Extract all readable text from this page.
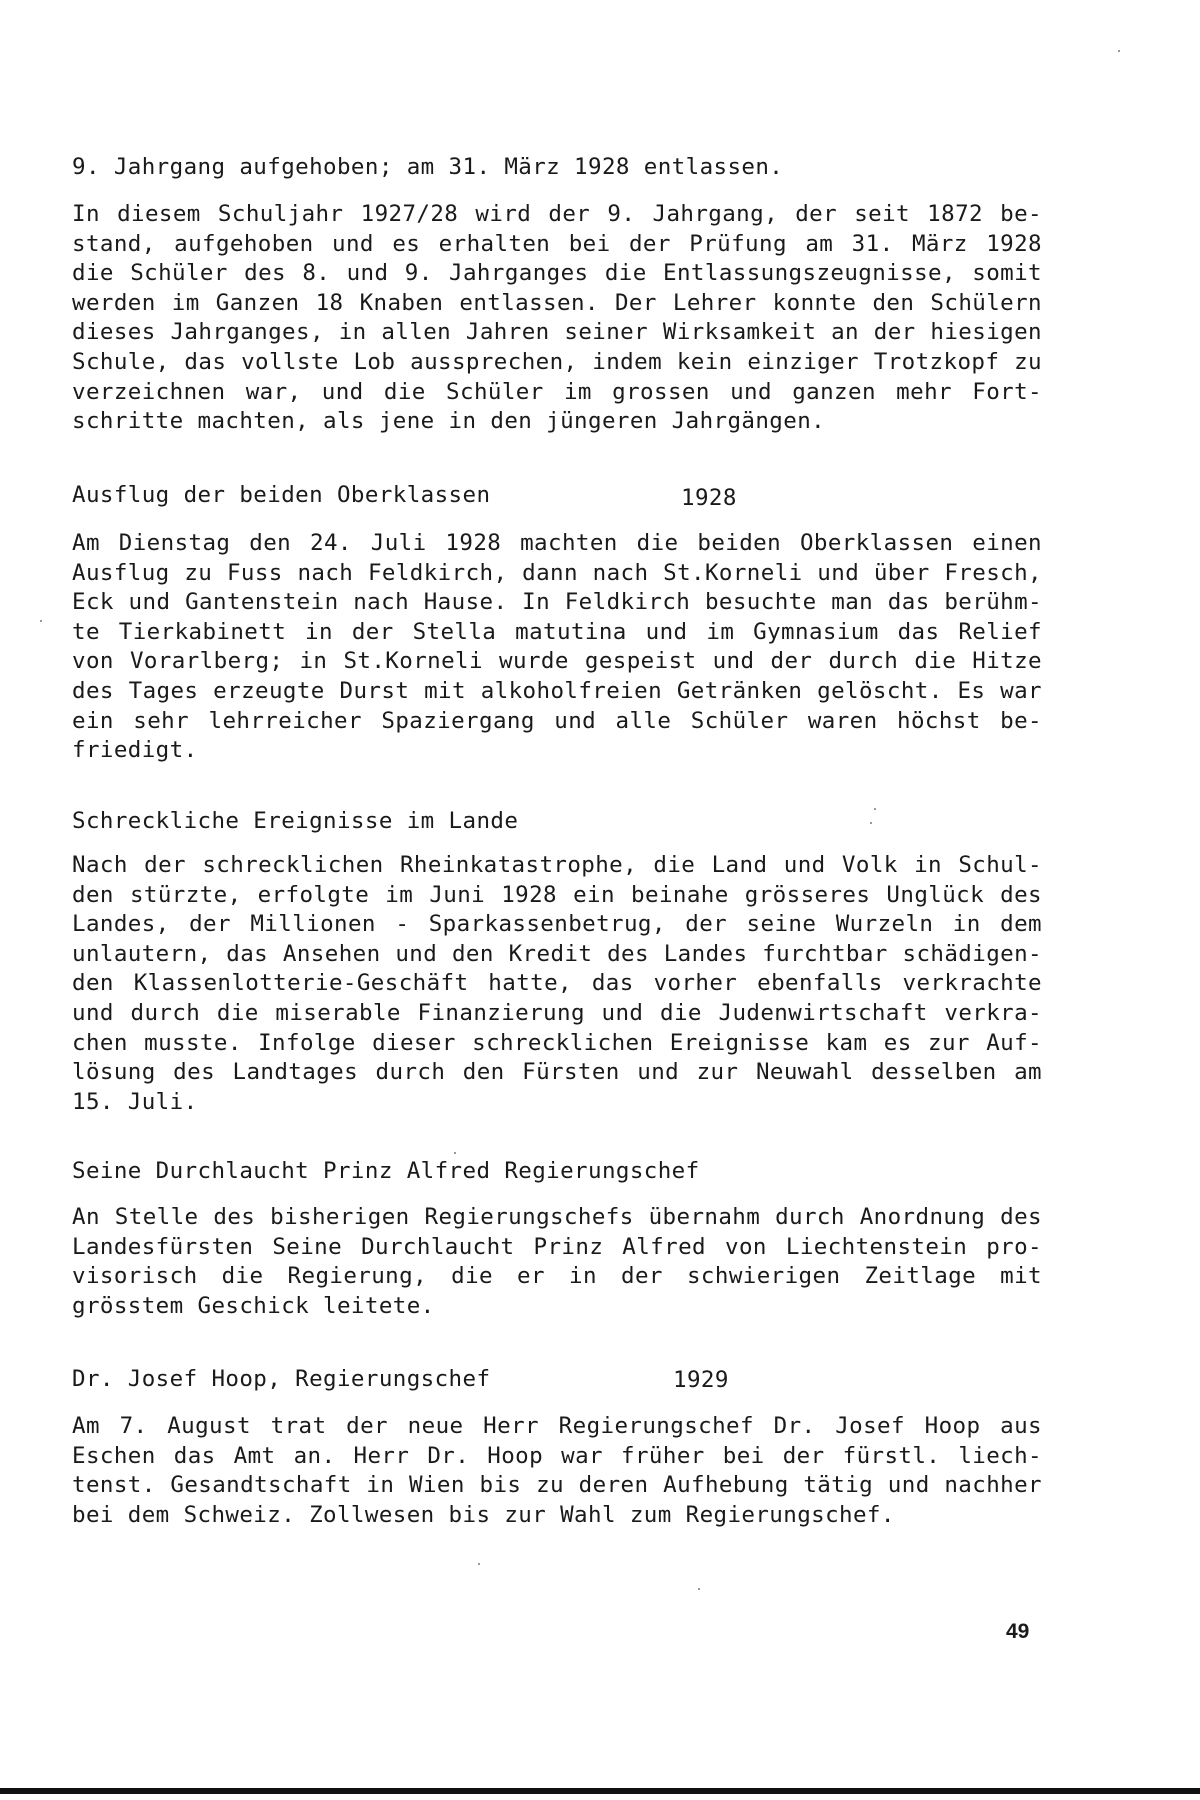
9. Jahrgang aufgehoben; am 31. März 1928 entlassen.

In diesem Schuljahr 1927/28 wird der 9. Jahrgang, der seit 1872 be-
stand, aufgehoben und es erhalten bei der Prüfung am 31. März 1928
die Schüler des 8. und 9. Jahrganges die Entlassungszeugnisse, somit
werden im Ganzen 18 Knaben entlassen. Der Lehrer konnte den Schülern
dieses Jahrganges, in allen Jahren seiner Wirksamkeit an der hiesigen
Schule, das vollste Lob aussprechen, indem kein einziger Trotzkopf zu
verzeichnen war, und die Schüler im grossen und ganzen mehr Fort-
schritte machten, als jene in den jüngeren Jahrgängen.

Ausflug der beiden Oberklassen	1928

Am Dienstag den 24. Juli 1928 machten die beiden Oberklassen einen
Ausflug zu Fuss nach Feldkirch, dann nach St.Korneli und über Fresch,
Eck und Gantenstein nach Hause. In Feldkirch besuchte man das berühm-
te Tierkabinett in der Stella matutina und im Gymnasium das Relief
von Vorarlberg; in St.Korneli wurde gespeist und der durch die Hitze
des Tages erzeugte Durst mit alkoholfreien Getränken gelöscht. Es war
ein sehr lehrreicher Spaziergang und alle Schüler waren höchst be-
friedigt.

Schreckliche Ereignisse im Lande

Nach der schrecklichen Rheinkatastrophe, die Land und Volk in Schul-
den stürzte, erfolgte im Juni 1928 ein beinahe grösseres Unglück des
Landes, der Millionen - Sparkassenbetrug, der seine Wurzeln in dem
unlautern, das Ansehen und den Kredit des Landes furchtbar schädigen-
den Klassenlotterie-Geschäft hatte, das vorher ebenfalls verkrachte
und durch die miserable Finanzierung und die Judenwirtschaft verkra-
chen musste. Infolge dieser schrecklichen Ereignisse kam es zur Auf-
lösung des Landtages durch den Fürsten und zur Neuwahl desselben am
15. Juli.

Seine Durchlaucht Prinz Alfred Regierungschef

An Stelle des bisherigen Regierungschefs übernahm durch Anordnung des
Landesfürsten Seine Durchlaucht Prinz Alfred von Liechtenstein pro-
visorisch die Regierung, die er in der schwierigen Zeitlage mit
grösstem Geschick leitete.

Dr. Josef Hoop, Regierungschef	1929

Am 7. August trat der neue Herr Regierungschef Dr. Josef Hoop aus
Eschen das Amt an. Herr Dr. Hoop war früher bei der fürstl. liech-
tenst. Gesandtschaft in Wien bis zu deren Aufhebung tätig und nachher
bei dem Schweiz. Zollwesen bis zur Wahl zum Regierungschef.
49
